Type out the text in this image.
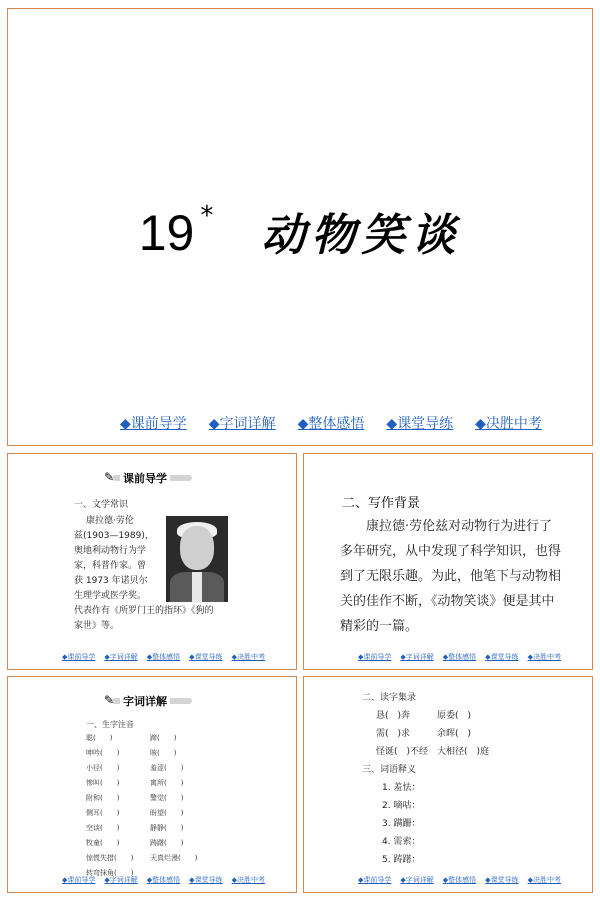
19 * 动物笑谈
◆ 课前导学	◆ 字词详解	◆ 整体感悟	◆ 课堂导练	◆ 决胜中考
✎ 课前导学
一、文学常识
康拉德·劳伦
兹(1903—1989)，
奥地利动物行为学
家，科普作家。曾
获 1973 年诺贝尔
生理学或医学奖。
代表作有《所罗门王的指环》《狗的
家世》等。
◆ 课前导学	◆ 字词详解	◆ 整体感悟	◆ 课堂导练	◆ 决胜中考
二、写作背景
康拉德·劳伦兹对动物行为进行了多年研究，从中发现了科学知识，也得到了无限乐趣。为此，他笔下与动物相关的佳作不断，《动物笑谈》便是其中精彩的一篇。
◆ 课前导学	◆ 字词详解	◆ 整体感悟	◆ 课堂导练	◆ 决胜中考
✎ 字词详解
一、生字注音
聪(　　)	蹄(　　)
呻吟(　　)	咳(　　)
小径(　　)	羞涩(　　)
惨叫(　　)	寓所(　　)
附和(　　)	警觉(　　)
侧耳(　　)	盼望(　　)
空谈(　　)	静静(　　)
牧童(　　)	踌躇(　　)
惊慌失措(　　)	天真烂漫(　　)
转弯抹角(　　)
◆ 课前导学	◆ 字词详解	◆ 整体感悟	◆ 课堂导练	◆ 决胜中考
二、读字集录
恳(　)奔　　　原委(　)
需(　)求　　　余晖(　)
怪诞(　)不经　大相径(　)庭
三、词语释义
1. 羞怯：
2. 嘀咕：
3. 蹒跚：
4. 需索：
5. 踌躇：
◆ 课前导学	◆ 字词详解	◆ 整体感悟	◆ 课堂导练	◆ 决胜中考
